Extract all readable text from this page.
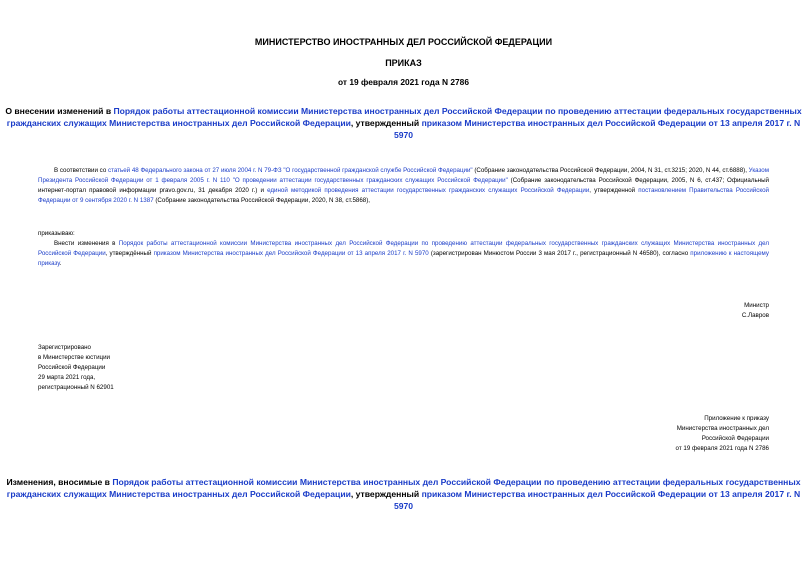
МИНИСТЕРСТВО ИНОСТРАННЫХ ДЕЛ РОССИЙСКОЙ ФЕДЕРАЦИИ
ПРИКАЗ
от 19 февраля 2021 года N 2786
О внесении изменений в Порядок работы аттестационной комиссии Министерства иностранных дел Российской Федерации по проведению аттестации федеральных государственных гражданских служащих Министерства иностранных дел Российской Федерации, утвержденный приказом Министерства иностранных дел Российской Федерации от 13 апреля 2017 г. N 5970
В соответствии со статьей 48 Федерального закона от 27 июля 2004 г. N 79-ФЗ "О государственной гражданской службе Российской Федерации" (Собрание законодательства Российской Федерации, 2004, N 31, ст.3215; 2020, N 44, ст.6888), Указом Президента Российской Федерации от 1 февраля 2005 г. N 110 "О проведении аттестации государственных гражданских служащих Российской Федерации" (Собрание законодательства Российской Федерации, 2005, N 6, ст.437; Официальный интернет-портал правовой информации pravo.gov.ru, 31 декабря 2020 г.) и единой методикой проведения аттестации государственных гражданских служащих Российской Федерации, утвержденной постановлением Правительства Российской Федерации от 9 сентября 2020 г. N 1387 (Собрание законодательства Российской Федерации, 2020, N 38, ст.5868),
приказываю:
Внести изменения в Порядок работы аттестационной комиссии Министерства иностранных дел Российской Федерации по проведению аттестации федеральных государственных гражданских служащих Министерства иностранных дел Российской Федерации, утверждённый приказом Министерства иностранных дел Российской Федерации от 13 апреля 2017 г. N 5970 (зарегистрирован Минюстом России 3 мая 2017 г., регистрационный N 46580), согласно приложению к настоящему приказу.
Министр
С.Лавров
Зарегистрировано
в Министерстве юстиции
Российской Федерации
29 марта 2021 года,
регистрационный N 62901
Приложение к приказу
Министерства иностранных дел
Российской Федерации
от 19 февраля 2021 года N 2786
Изменения, вносимые в Порядок работы аттестационной комиссии Министерства иностранных дел Российской Федерации по проведению аттестации федеральных государственных гражданских служащих Министерства иностранных дел Российской Федерации, утвержденный приказом Министерства иностранных дел Российской Федерации от 13 апреля 2017 г. N 5970
